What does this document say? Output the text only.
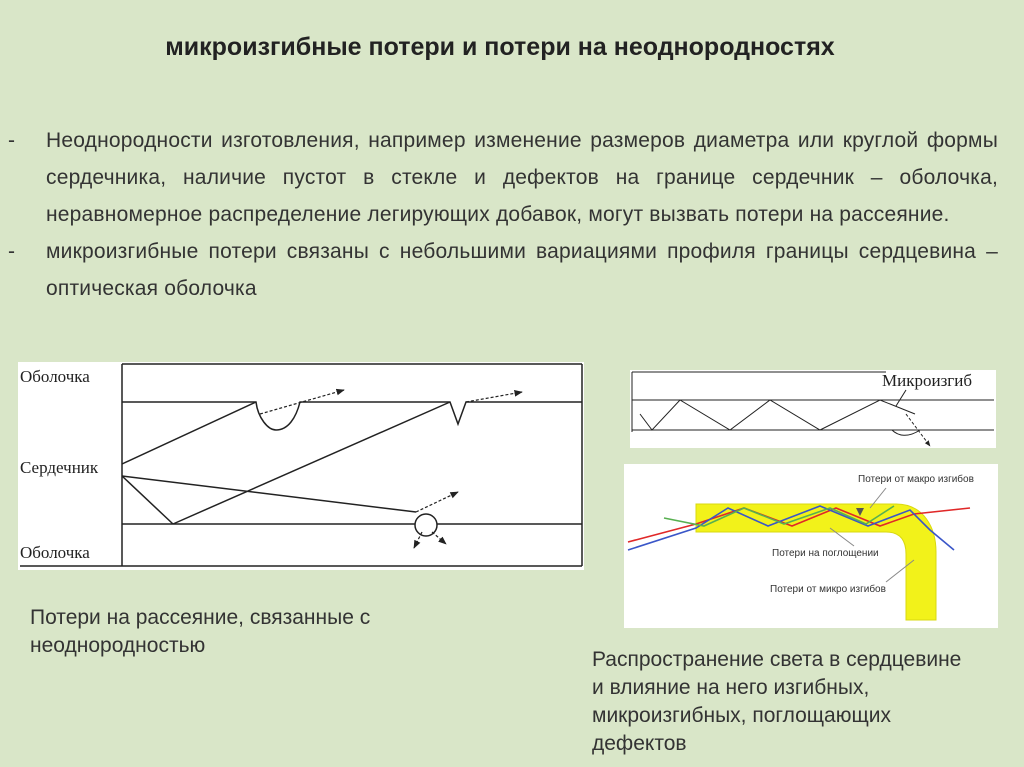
микроизгибные потери и потери на неоднородностях
- Неоднородности изготовления, например изменение размеров диаметра или круглой формы сердечника, наличие пустот в стекле и дефектов на границе сердечник – оболочка, неравномерное распределение легирующих добавок, могут вызвать потери на рассеяние.
- микроизгибные потери связаны с небольшими вариациями профиля границы сердцевина – оптическая оболочка
Оболочка
Сердечник
Оболочка
Потери на рассеяние, связанные с неоднородностью
Микроизгиб
Потери от макро изгибов
Потери на поглощении
Потери от микро изгибов
Распространение света в сердцевине и влияние на него изгибных, микроизгибных, поглощающих дефектов
